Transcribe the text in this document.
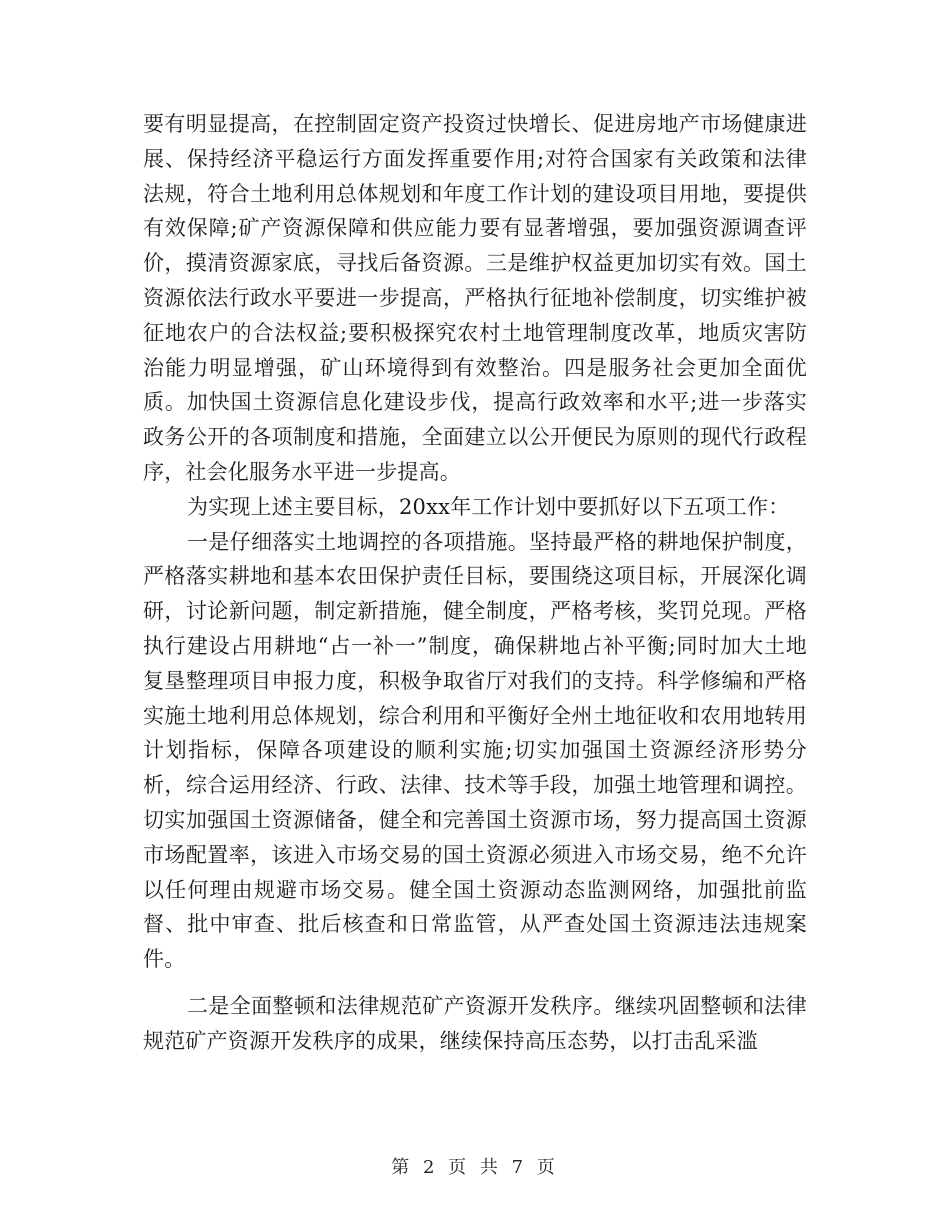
要有明显提高，在控制固定资产投资过快增长、促进房地产市场健康进展、保持经济平稳运行方面发挥重要作用;对符合国家有关政策和法律法规，符合土地利用总体规划和年度工作计划的建设项目用地，要提供有效保障;矿产资源保障和供应能力要有显著增强，要加强资源调查评价，摸清资源家底，寻找后备资源。三是维护权益更加切实有效。国土资源依法行政水平要进一步提高，严格执行征地补偿制度，切实维护被征地农户的合法权益;要积极探究农村土地管理制度改革，地质灾害防治能力明显增强，矿山环境得到有效整治。四是服务社会更加全面优质。加快国土资源信息化建设步伐，提高行政效率和水平;进一步落实政务公开的各项制度和措施，全面建立以公开便民为原则的现代行政程序，社会化服务水平进一步提高。

为实现上述主要目标，20xx年工作计划中要抓好以下五项工作：

一是仔细落实土地调控的各项措施。坚持最严格的耕地保护制度，严格落实耕地和基本农田保护责任目标，要围绕这项目标，开展深化调研，讨论新问题，制定新措施，健全制度，严格考核，奖罚兑现。严格执行建设占用耕地“占一补一”制度，确保耕地占补平衡;同时加大土地复垦整理项目申报力度，积极争取省厅对我们的支持。科学修编和严格实施土地利用总体规划，综合利用和平衡好全州土地征收和农用地转用计划指标，保障各项建设的顺利实施;切实加强国土资源经济形势分析，综合运用经济、行政、法律、技术等手段，加强土地管理和调控。切实加强国土资源储备，健全和完善国土资源市场，努力提高国土资源市场配置率，该进入市场交易的国土资源必须进入市场交易，绝不允许以任何理由规避市场交易。健全国土资源动态监测网络，加强批前监督、批中审查、批后核查和日常监管，从严查处国土资源违法违规案件。

二是全面整顿和法律规范矿产资源开发秩序。继续巩固整顿和法律规范矿产资源开发秩序的成果，继续保持高压态势，以打击乱采滥

第 2 页 共 7 页
